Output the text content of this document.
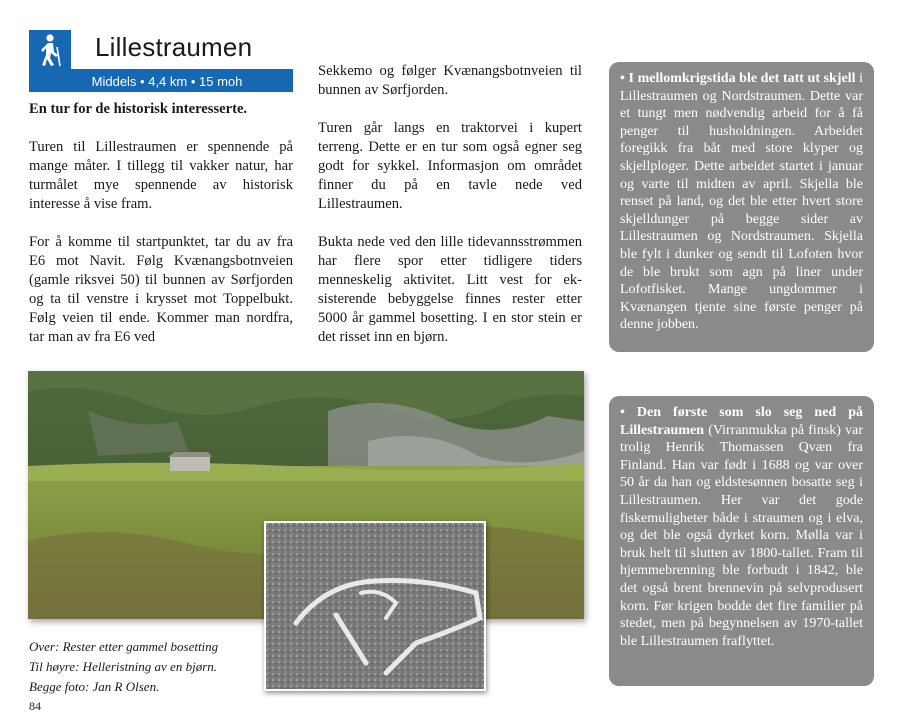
Lillestraumen
Middels • 4,4 km • 15 moh

En tur for de historisk interesserte.

Turen til Lillestraumen er spennende på mange måter. I tillegg til vakker natur, har turmålet mye spennende av historisk interesse å vise fram.

For å komme til startpunktet, tar du av fra E6 mot Navit. Følg Kvænangsbotnveien (gamle riksvei 50) til bunnen av Sørfjorden og ta til venstre i krysset mot Toppelbukt. Følg veien til ende. Kommer man nordfra, tar man av fra E6 ved

Sekkemo og følger Kvænangsbotnveien til bunnen av Sørfjorden.

Turen går langs en traktorvei i kupert terreng. Dette er en tur som også egner seg godt for sykkel. Informasjon om området finner du på en tavle nede ved Lillestraumen.

Bukta nede ved den lille tidevannsstrømmen har flere spor etter tidligere tiders menneskelig aktivitet. Litt vest for eksisterende bebyggelse finnes rester etter 5000 år gammel bosetting. I en stor stein er det risset inn en bjørn.

• I mellomkrigstida ble det tatt ut skjell i Lillestraumen og Nordstraumen. Dette var et tungt men nødvendig arbeid for å få penger til husholdningen. Arbeidet foregikk fra båt med store klyper og skjellploger. Dette arbeidet startet i januar og varte til midten av april. Skjella ble renset på land, og det ble etter hvert store skjelldunger på begge sider av Lillestraumen og Nordstraumen. Skjella ble fylt i dunker og sendt til Lofoten hvor de ble brukt som agn på liner under Lofotfisket. Mange ungdommer i Kvænangen tjente sine første penger på denne jobben.
• Den første som slo seg ned på Lillestraumen (Virranmukka på finsk) var trolig Henrik Thomassen Qvæn fra Finland. Han var født i 1688 og var over 50 år da han og eldstesønnen bosatte seg i Lillestraumen. Her var det gode fiskemuligheter både i straumen og i elva, og det ble også dyrket korn. Mølla var i bruk helt til slutten av 1800-tallet. Fram til hjemmebrenning ble forbudt i 1842, ble det også brent brennevin på selvprodusert korn. Før krigen bodde det fire familier på stedet, men på begynnelsen av 1970-tallet ble Lillestraumen fraflyttet.
Over: Rester etter gammel bosetting
Til høyre: Helleristning av en bjørn.
Begge foto: Jan R Olsen.
84
